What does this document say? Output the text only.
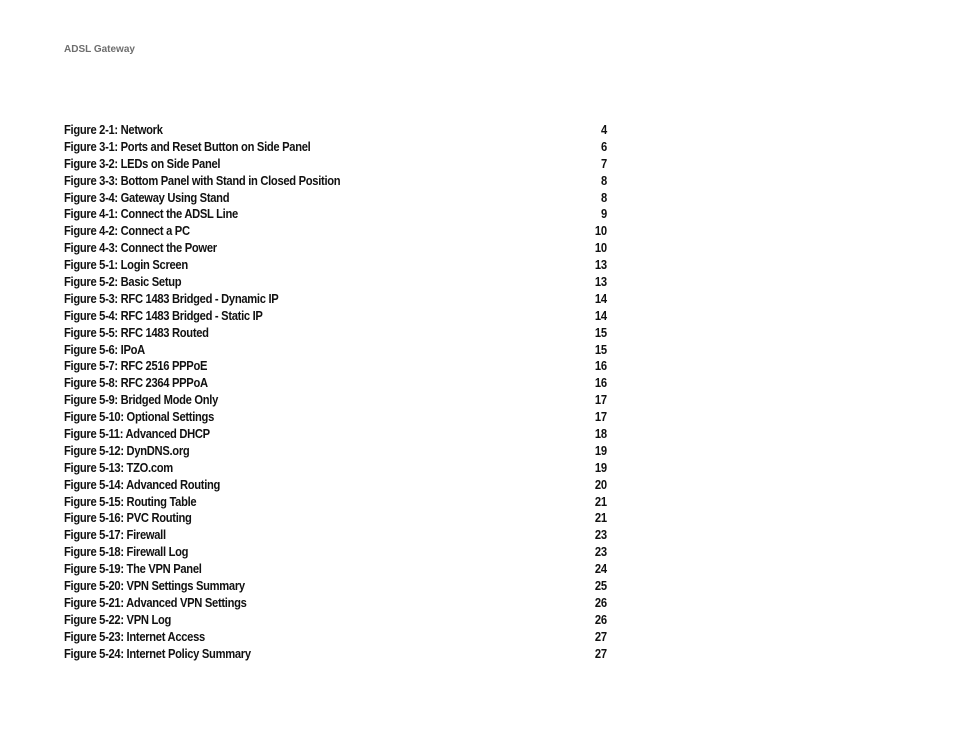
ADSL Gateway
Figure 2-1: Network	4
Figure 3-1: Ports and Reset Button on Side Panel	6
Figure 3-2: LEDs on Side Panel	7
Figure 3-3: Bottom Panel with Stand in Closed Position	8
Figure 3-4: Gateway Using Stand	8
Figure 4-1: Connect the ADSL Line	9
Figure 4-2: Connect a PC	10
Figure 4-3: Connect the Power	10
Figure 5-1: Login Screen	13
Figure 5-2: Basic Setup	13
Figure 5-3: RFC 1483 Bridged - Dynamic IP	14
Figure 5-4: RFC 1483 Bridged - Static IP	14
Figure 5-5: RFC 1483 Routed	15
Figure 5-6: IPoA	15
Figure 5-7: RFC 2516 PPPoE	16
Figure 5-8: RFC 2364 PPPoA	16
Figure 5-9: Bridged Mode Only	17
Figure 5-10: Optional Settings	17
Figure 5-11: Advanced DHCP	18
Figure 5-12: DynDNS.org	19
Figure 5-13: TZO.com	19
Figure 5-14: Advanced Routing	20
Figure 5-15: Routing Table	21
Figure 5-16: PVC Routing	21
Figure 5-17: Firewall	23
Figure 5-18: Firewall Log	23
Figure 5-19: The VPN Panel	24
Figure 5-20: VPN Settings Summary	25
Figure 5-21: Advanced VPN Settings	26
Figure 5-22: VPN Log	26
Figure 5-23: Internet Access	27
Figure 5-24: Internet Policy Summary	27
